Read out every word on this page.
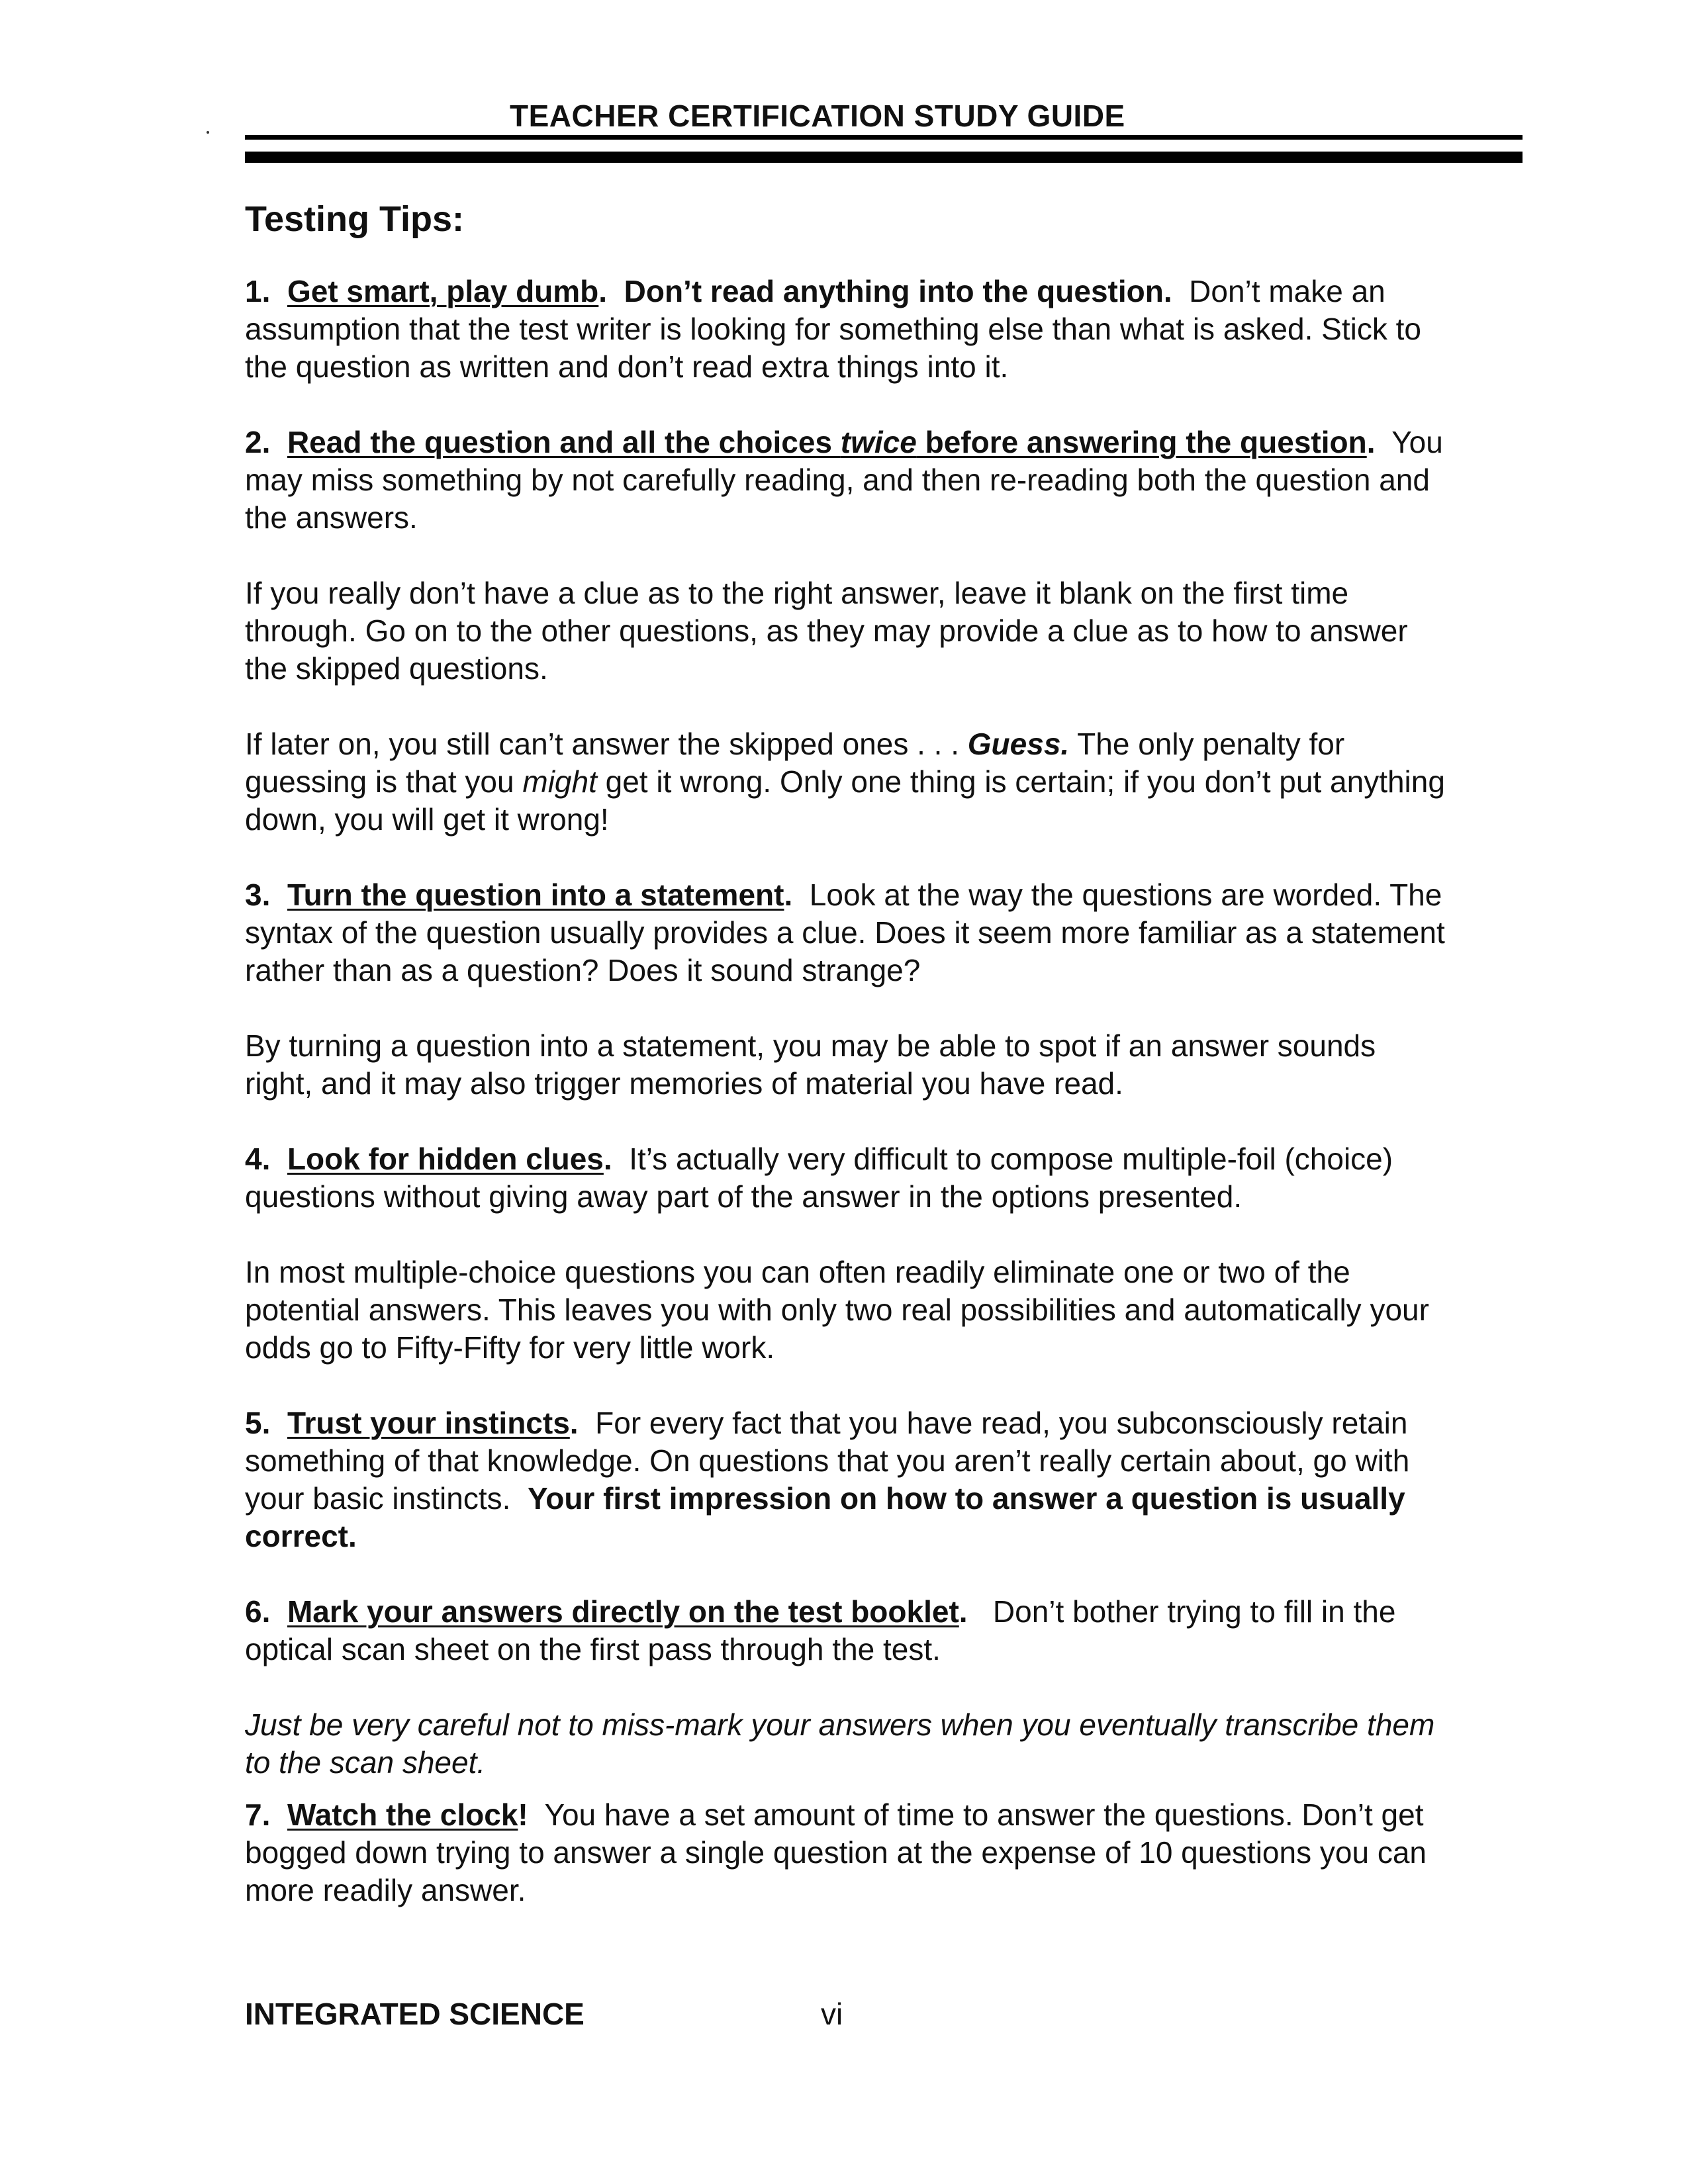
TEACHER CERTIFICATION STUDY GUIDE
Testing Tips:

1. Get smart, play dumb. Don’t read anything into the question. Don’t make an assumption that the test writer is looking for something else than what is asked. Stick to the question as written and don’t read extra things into it.

2. Read the question and all the choices twice before answering the question. You may miss something by not carefully reading, and then re-reading both the question and the answers.

If you really don’t have a clue as to the right answer, leave it blank on the first time through. Go on to the other questions, as they may provide a clue as to how to answer the skipped questions.

If later on, you still can’t answer the skipped ones . . . Guess. The only penalty for guessing is that you might get it wrong. Only one thing is certain; if you don’t put anything down, you will get it wrong!

3. Turn the question into a statement. Look at the way the questions are worded. The syntax of the question usually provides a clue. Does it seem more familiar as a statement rather than as a question? Does it sound strange?

By turning a question into a statement, you may be able to spot if an answer sounds right, and it may also trigger memories of material you have read.

4. Look for hidden clues. It’s actually very difficult to compose multiple-foil (choice) questions without giving away part of the answer in the options presented.

In most multiple-choice questions you can often readily eliminate one or two of the potential answers. This leaves you with only two real possibilities and automatically your odds go to Fifty-Fifty for very little work.

5. Trust your instincts. For every fact that you have read, you subconsciously retain something of that knowledge. On questions that you aren’t really certain about, go with your basic instincts. Your first impression on how to answer a question is usually correct.

6. Mark your answers directly on the test booklet. Don’t bother trying to fill in the optical scan sheet on the first pass through the test.

Just be very careful not to miss-mark your answers when you eventually transcribe them to the scan sheet.

7. Watch the clock! You have a set amount of time to answer the questions. Don’t get bogged down trying to answer a single question at the expense of 10 questions you can more readily answer.

INTEGRATED SCIENCE	vi
